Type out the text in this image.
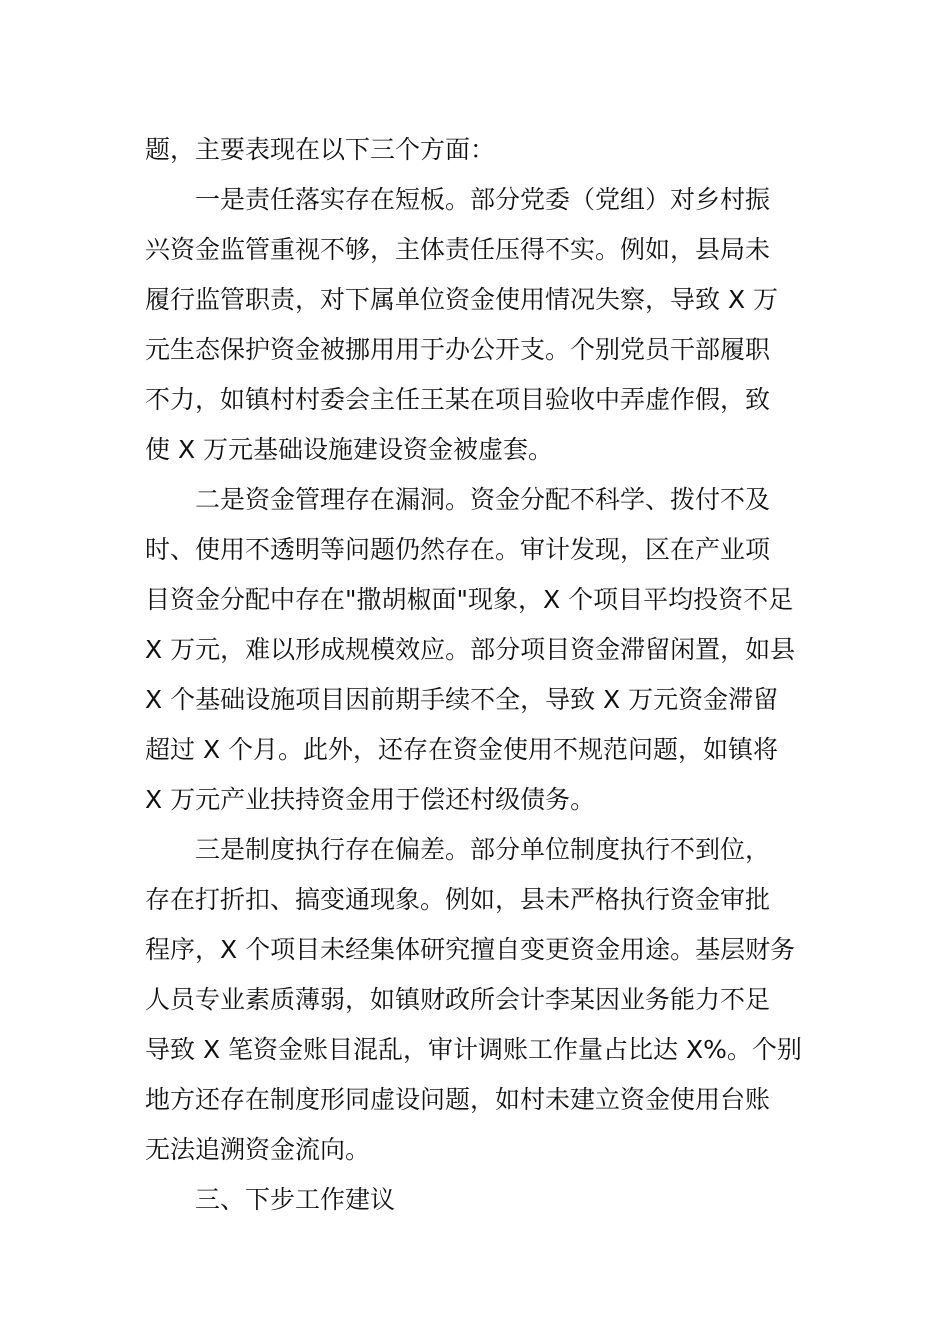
题，主要表现在以下三个方面：
一是责任落实存在短板。部分党委（党组）对乡村振
兴资金监管重视不够，主体责任压得不实。例如，县局未
履行监管职责，对下属单位资金使用情况失察，导致 X 万
元生态保护资金被挪用用于办公开支。个别党员干部履职
不力，如镇村村委会主任王某在项目验收中弄虚作假，致
使 X 万元基础设施建设资金被虚套。
二是资金管理存在漏洞。资金分配不科学、拨付不及
时、使用不透明等问题仍然存在。审计发现，区在产业项
目资金分配中存在"撒胡椒面"现象，X 个项目平均投资不足
X 万元，难以形成规模效应。部分项目资金滞留闲置，如县
X 个基础设施项目因前期手续不全，导致 X 万元资金滞留
超过 X 个月。此外，还存在资金使用不规范问题，如镇将
X 万元产业扶持资金用于偿还村级债务。
三是制度执行存在偏差。部分单位制度执行不到位，
存在打折扣、搞变通现象。例如，县未严格执行资金审批
程序，X 个项目未经集体研究擅自变更资金用途。基层财务
人员专业素质薄弱，如镇财政所会计李某因业务能力不足
导致 X 笔资金账目混乱，审计调账工作量占比达 X%。个别
地方还存在制度形同虚设问题，如村未建立资金使用台账
无法追溯资金流向。
三、下步工作建议
